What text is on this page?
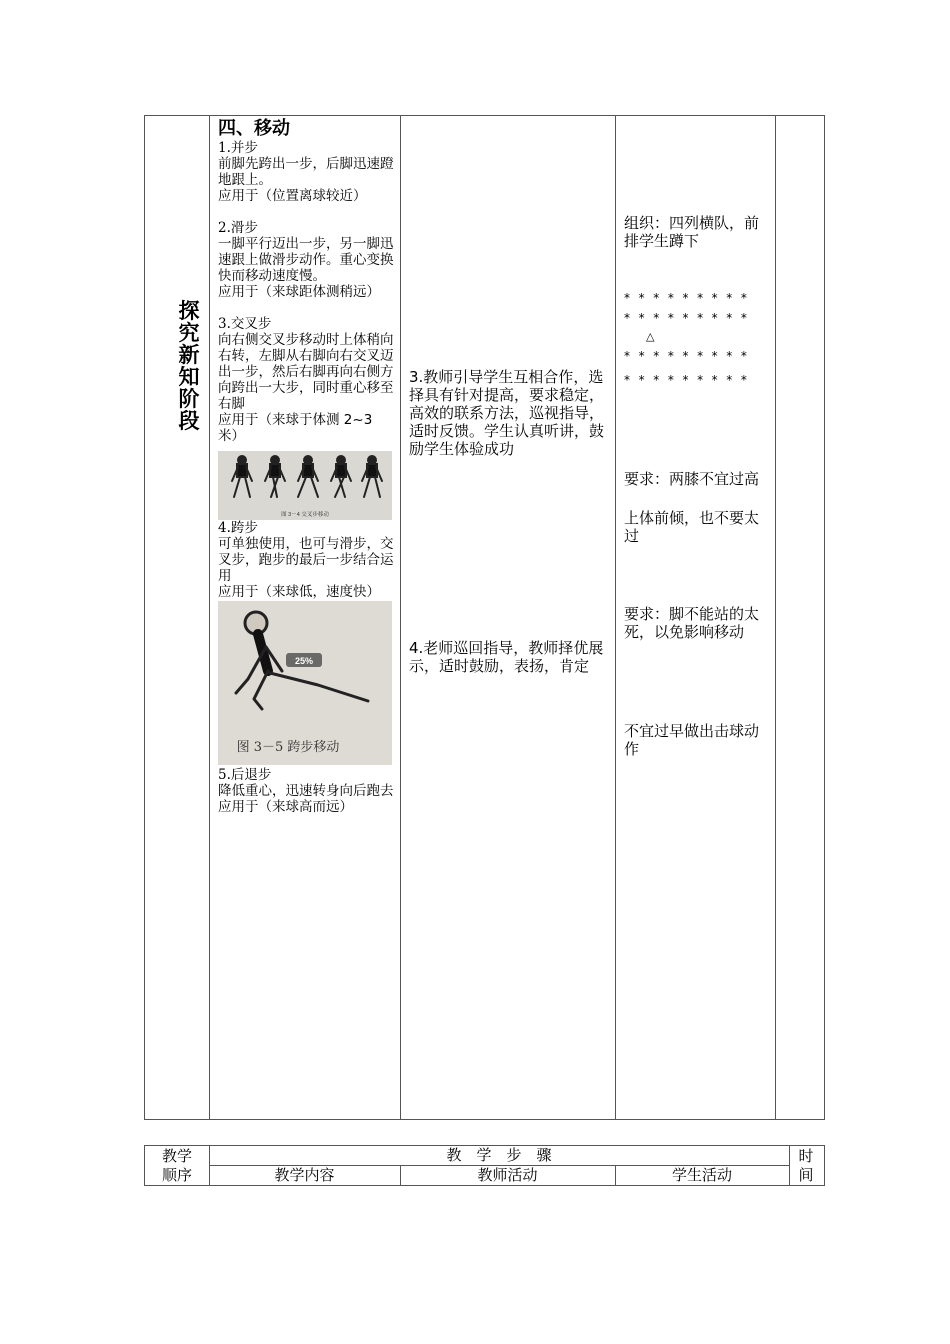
探
究
新
知
阶
段
四、移动
1.并步
前脚先跨出一步，后脚迅速蹬地跟上。
应用于（位置离球较近）
2.滑步
一脚平行迈出一步，另一脚迅速跟上做滑步动作。重心变换快而移动速度慢。
应用于（来球距体测稍远）
3.交叉步
向右侧交叉步移动时上体稍向右转，左脚从右脚向右交叉迈出一步，然后右脚再向右侧方向跨出一大步，同时重心移至右脚
应用于（来球于体测 2~3 米）
图 3－4 交叉步移动
4.跨步
可单独使用，也可与滑步，交叉步，跑步的最后一步结合运用
应用于（来球低，速度快）
25%
图 3－5 跨步移动
5.后退步
降低重心，迅速转身向后跑去
应用于（来球高而远）
3.教师引导学生互相合作，选择具有针对提高，要求稳定，高效的联系方法，巡视指导，适时反馈。学生认真听讲，鼓励学生体验成功
4.老师巡回指导，教师择优展示，适时鼓励，表扬，肯定
组织：四列横队，前排学生蹲下
* * * * * * * * *
* * * * * * * * *
△
* * * * * * * * *
* * * * * * * * *
要求：两膝不宜过高
上体前倾，也不要太过
要求：脚不能站的太死，以免影响移动
不宜过早做出击球动作
教学顺序
教　学　步　骤
教学内容	教师活动	学生活动
时间
